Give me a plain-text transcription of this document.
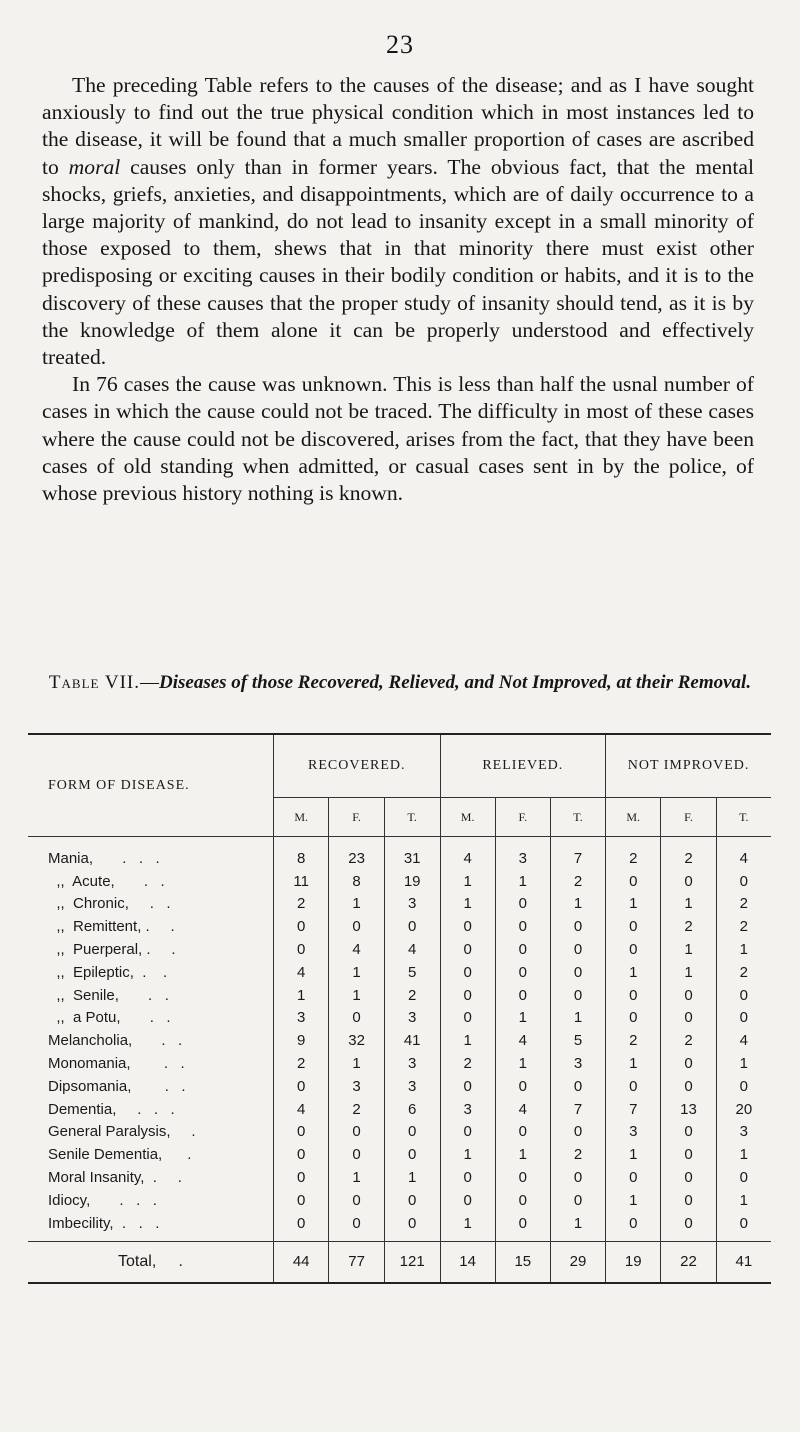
23

The preceding Table refers to the causes of the disease; and as I have sought anxiously to find out the true physical condition which in most instances led to the disease, it will be found that a much smaller proportion of cases are ascribed to moral causes only than in former years. The obvious fact, that the mental shocks, griefs, anxieties, and disappointments, which are of daily occurrence to a large majority of mankind, do not lead to insanity except in a small minority of those exposed to them, shews that in that minority there must exist other predisposing or exciting causes in their bodily condition or habits, and it is to the discovery of these causes that the proper study of insanity should tend, as it is by the knowledge of them alone it can be properly understood and effectively treated.

In 76 cases the cause was unknown. This is less than half the usnal number of cases in which the cause could not be traced. The difficulty in most of these cases where the cause could not be discovered, arises from the fact, that they have been cases of old standing when admitted, or casual cases sent in by the police, of whose previous history nothing is known.

Table VII.—Diseases of those Recovered, Relieved, and Not Improved, at their Removal.
FORM OF DISEASE.	RECOVERED.			RELIEVED.			NOT IMPROVED.		
	M.	F.	T.	M.	F.	T.	M.	F.	T.
Mania,       .   .   .	8	23	31	4	3	7	2	2	4
,,  Acute,       .   .	11	8	19	1	1	2	0	0	0
,,  Chronic,     .   .	2	1	3	1	0	1	1	1	2
,,  Remittent, .     .	0	0	0	0	0	0	0	2	2
,,  Puerperal, .     .	0	4	4	0	0	0	0	1	1
,,  Epileptic,  .    .	4	1	5	0	0	0	1	1	2
,,  Senile,       .   .	1	1	2	0	0	0	0	0	0
,,  a Potu,       .   .	3	0	3	0	1	1	0	0	0
Melancholia,       .   .	9	32	41	1	4	5	2	2	4
Monomania,        .   .	2	1	3	2	1	3	1	0	1
Dipsomania,        .   .	0	3	3	0	0	0	0	0	0
Dementia,     .   .   .	4	2	6	3	4	7	7	13	20
General Paralysis,     .	0	0	0	0	0	0	3	0	3
Senile Dementia,      .	0	0	0	1	1	2	1	0	1
Moral Insanity,  .     .	0	1	1	0	0	0	0	0	0
Idiocy,       .   .   .	0	0	0	0	0	0	1	0	1
Imbecility,  .   .   .	0	0	0	1	0	1	0	0	0
Total,     .	44	77	121	14	15	29	19	22	41
